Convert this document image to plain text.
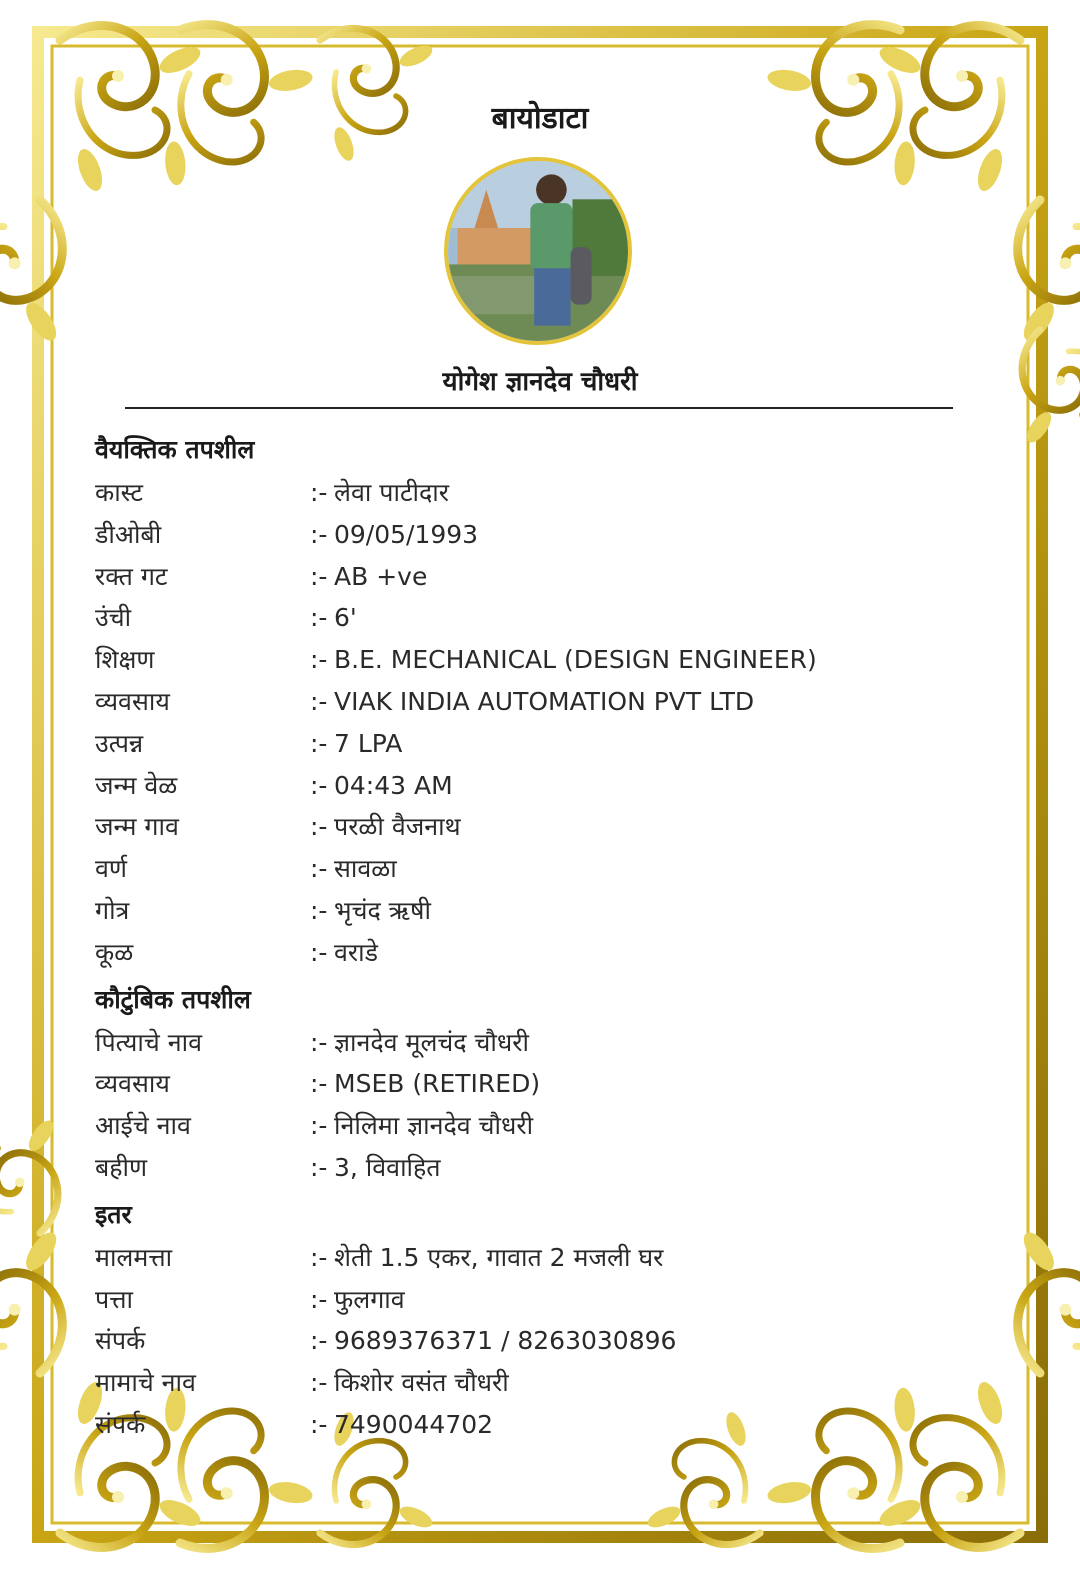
बायोडाटा
योगेश ज्ञानदेव चौधरी
वैयक्तिक तपशील
कास्ट	:- लेवा पाटीदार
डीओबी	:- 09/05/1993
रक्त गट	:- AB +ve
उंची	:- 6'
शिक्षण	:- B.E. MECHANICAL (DESIGN ENGINEER)
व्यवसाय	:- VIAK INDIA AUTOMATION PVT LTD
उत्पन्न	:- 7 LPA
जन्म वेळ	:- 04:43 AM
जन्म गाव	:- परळी वैजनाथ
वर्ण	:- सावळा
गोत्र	:- भृचंद ऋषी
कूळ	:- वराडे
कौटुंबिक तपशील
पित्याचे नाव	:- ज्ञानदेव मूलचंद चौधरी
व्यवसाय	:- MSEB (RETIRED)
आईचे नाव	:- निलिमा ज्ञानदेव चौधरी
बहीण	:- 3, विवाहित
इतर
मालमत्ता	:- शेती 1.5 एकर, गावात 2 मजली घर
पत्ता	:- फुलगाव
संपर्क	:- 9689376371 / 8263030896
मामाचे नाव	:- किशोर वसंत चौधरी
संपर्क	:- 7490044702
